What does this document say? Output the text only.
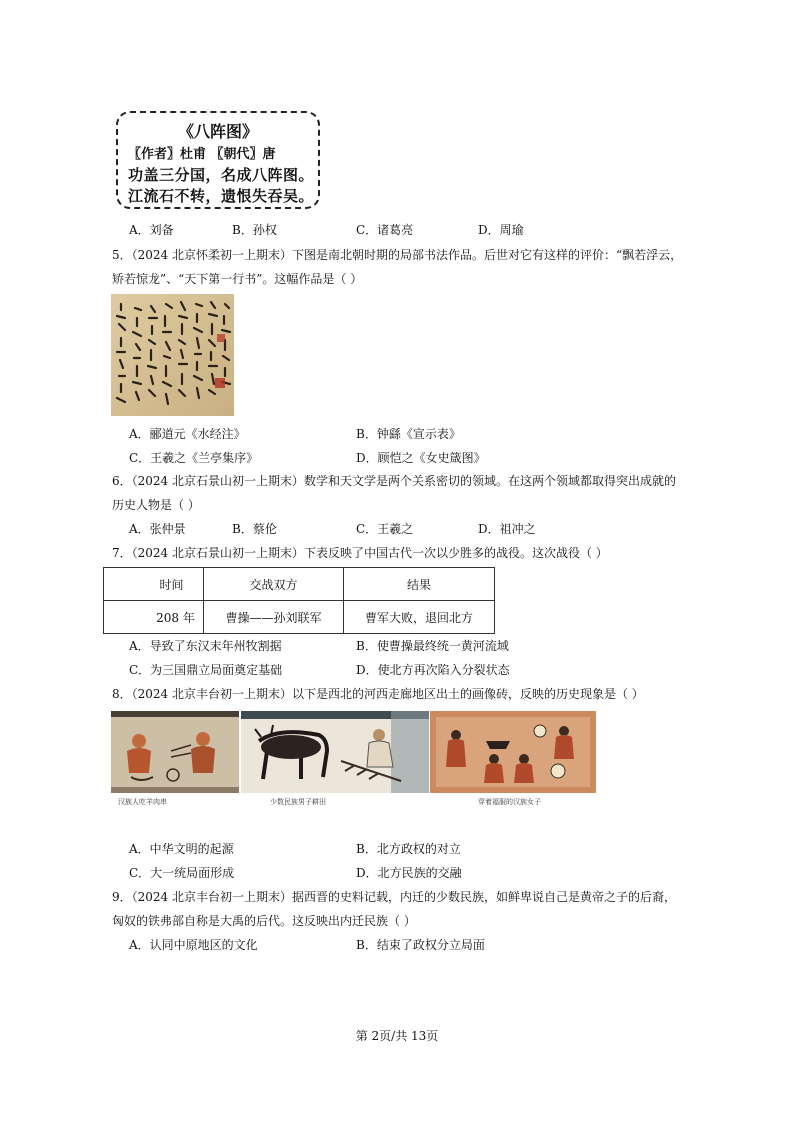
《八阵图》
〖作者〗杜甫 〖朝代〗唐
功盖三分国，名成八阵图。
江流石不转，遗恨失吞吴。
A．刘备	B．孙权	C．诸葛亮	D．周瑜
5．（2024 北京怀柔初一上期末）下图是南北朝时期的局部书法作品。后世对它有这样的评价：“飘若浮云，
矫若惊龙”、“天下第一行书”。这幅作品是（ ）
A．郦道元《水经注》	B．钟繇《宣示表》
C．王羲之《兰亭集序》	D．顾恺之《女史箴图》
6．（2024 北京石景山初一上期末）数学和天文学是两个关系密切的领域。在这两个领域都取得突出成就的
历史人物是（ ）
A．张仲景	B．蔡伦	C．王羲之	D．祖冲之
7．（2024 北京石景山初一上期末）下表反映了中国古代一次以少胜多的战役。这次战役（ ）
时间	交战双方	结果
208 年	曹操——孙刘联军	曹军大败，退回北方
A．导致了东汉末年州牧割据	B．使曹操最终统一黄河流域
C．为三国鼎立局面奠定基础	D．使北方再次陷入分裂状态
8．（2024 北京丰台初一上期末）以下是西北的河西走廊地区出土的画像砖，反映的历史现象是（ ）
汉族人吃羊肉串	少数民族男子耕田	穿着福服的汉族女子
A．中华文明的起源	B．北方政权的对立
C．大一统局面形成	D．北方民族的交融
9．（2024 北京丰台初一上期末）据西晋的史料记载，内迁的少数民族，如鲜卑说自己是黄帝之子的后裔，
匈奴的铁弗部自称是大禹的后代。这反映出内迁民族（ ）
A．认同中原地区的文化	B．结束了政权分立局面
第 2页/共 13页
